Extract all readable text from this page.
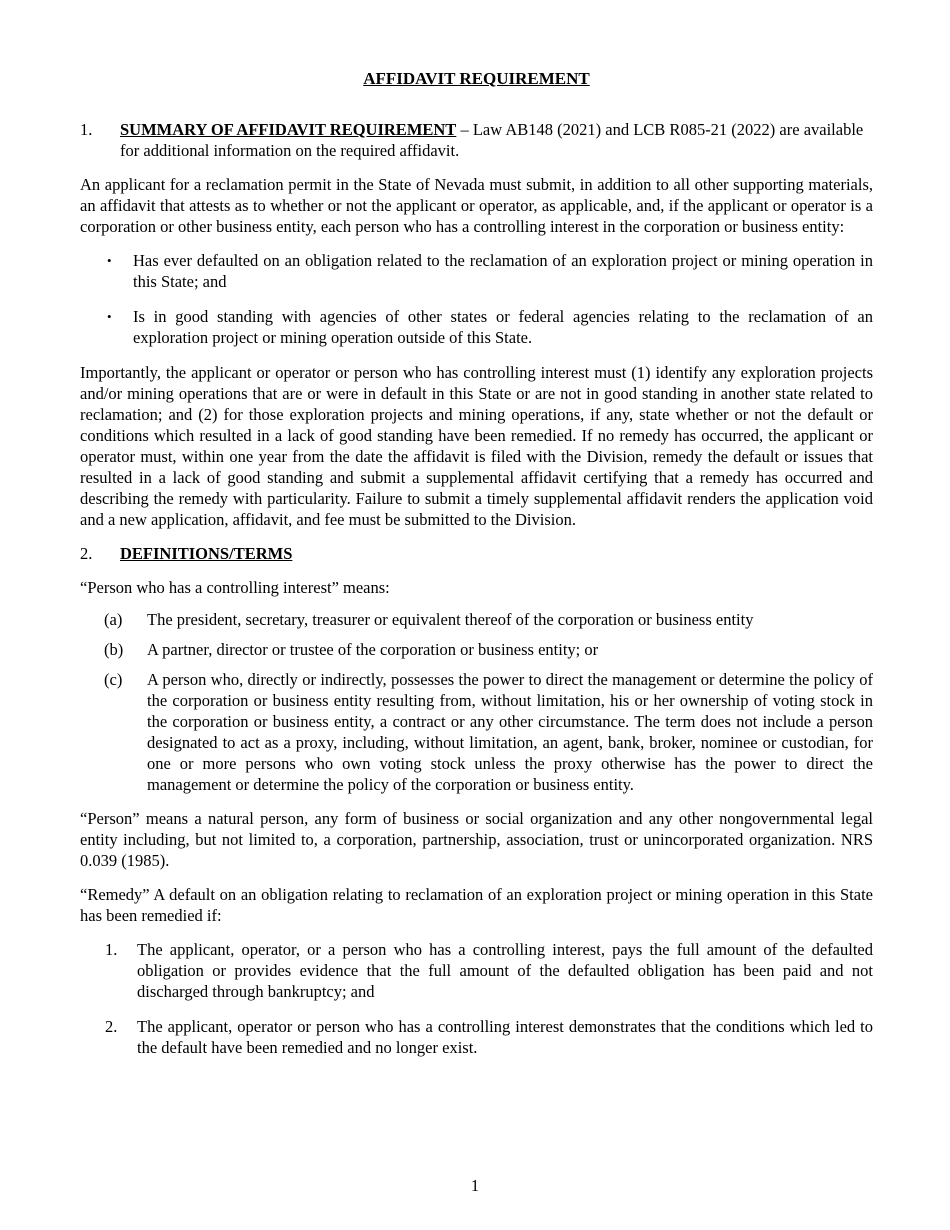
AFFIDAVIT REQUIREMENT
1.	SUMMARY OF AFFIDAVIT REQUIREMENT – Law AB148 (2021) and LCB R085-21 (2022) are available for additional information on the required affidavit.

An applicant for a reclamation permit in the State of Nevada must submit, in addition to all other supporting materials, an affidavit that attests as to whether or not the applicant or operator, as applicable, and, if the applicant or operator is a corporation or other business entity, each person who has a controlling interest in the corporation or business entity:

•	Has ever defaulted on an obligation related to the reclamation of an exploration project or mining operation in this State; and
•	Is in good standing with agencies of other states or federal agencies relating to the reclamation of an exploration project or mining operation outside of this State.

Importantly, the applicant or operator or person who has controlling interest must (1) identify any exploration projects and/or mining operations that are or were in default in this State or are not in good standing in another state related to reclamation; and (2) for those exploration projects and mining operations, if any, state whether or not the default or conditions which resulted in a lack of good standing have been remedied. If no remedy has occurred, the applicant or operator must, within one year from the date the affidavit is filed with the Division, remedy the default or issues that resulted in a lack of good standing and submit a supplemental affidavit certifying that a remedy has occurred and describing the remedy with particularity. Failure to submit a timely supplemental affidavit renders the application void and a new application, affidavit, and fee must be submitted to the Division.

2.	DEFINITIONS/TERMS

“Person who has a controlling interest” means:

(a)	The president, secretary, treasurer or equivalent thereof of the corporation or business entity
(b)	A partner, director or trustee of the corporation or business entity; or
(c)	A person who, directly or indirectly, possesses the power to direct the management or determine the policy of the corporation or business entity resulting from, without limitation, his or her ownership of voting stock in the corporation or business entity, a contract or any other circumstance. The term does not include a person designated to act as a proxy, including, without limitation, an agent, bank, broker, nominee or custodian, for one or more persons who own voting stock unless the proxy otherwise has the power to direct the management or determine the policy of the corporation or business entity.

“Person” means a natural person, any form of business or social organization and any other nongovernmental legal entity including, but not limited to, a corporation, partnership, association, trust or unincorporated organization. NRS 0.039 (1985).

“Remedy” A default on an obligation relating to reclamation of an exploration project or mining operation in this State has been remedied if:

1.	The applicant, operator, or a person who has a controlling interest, pays the full amount of the defaulted obligation or provides evidence that the full amount of the defaulted obligation has been paid and not discharged through bankruptcy; and
2.	The applicant, operator or person who has a controlling interest demonstrates that the conditions which led to the default have been remedied and no longer exist.
1
